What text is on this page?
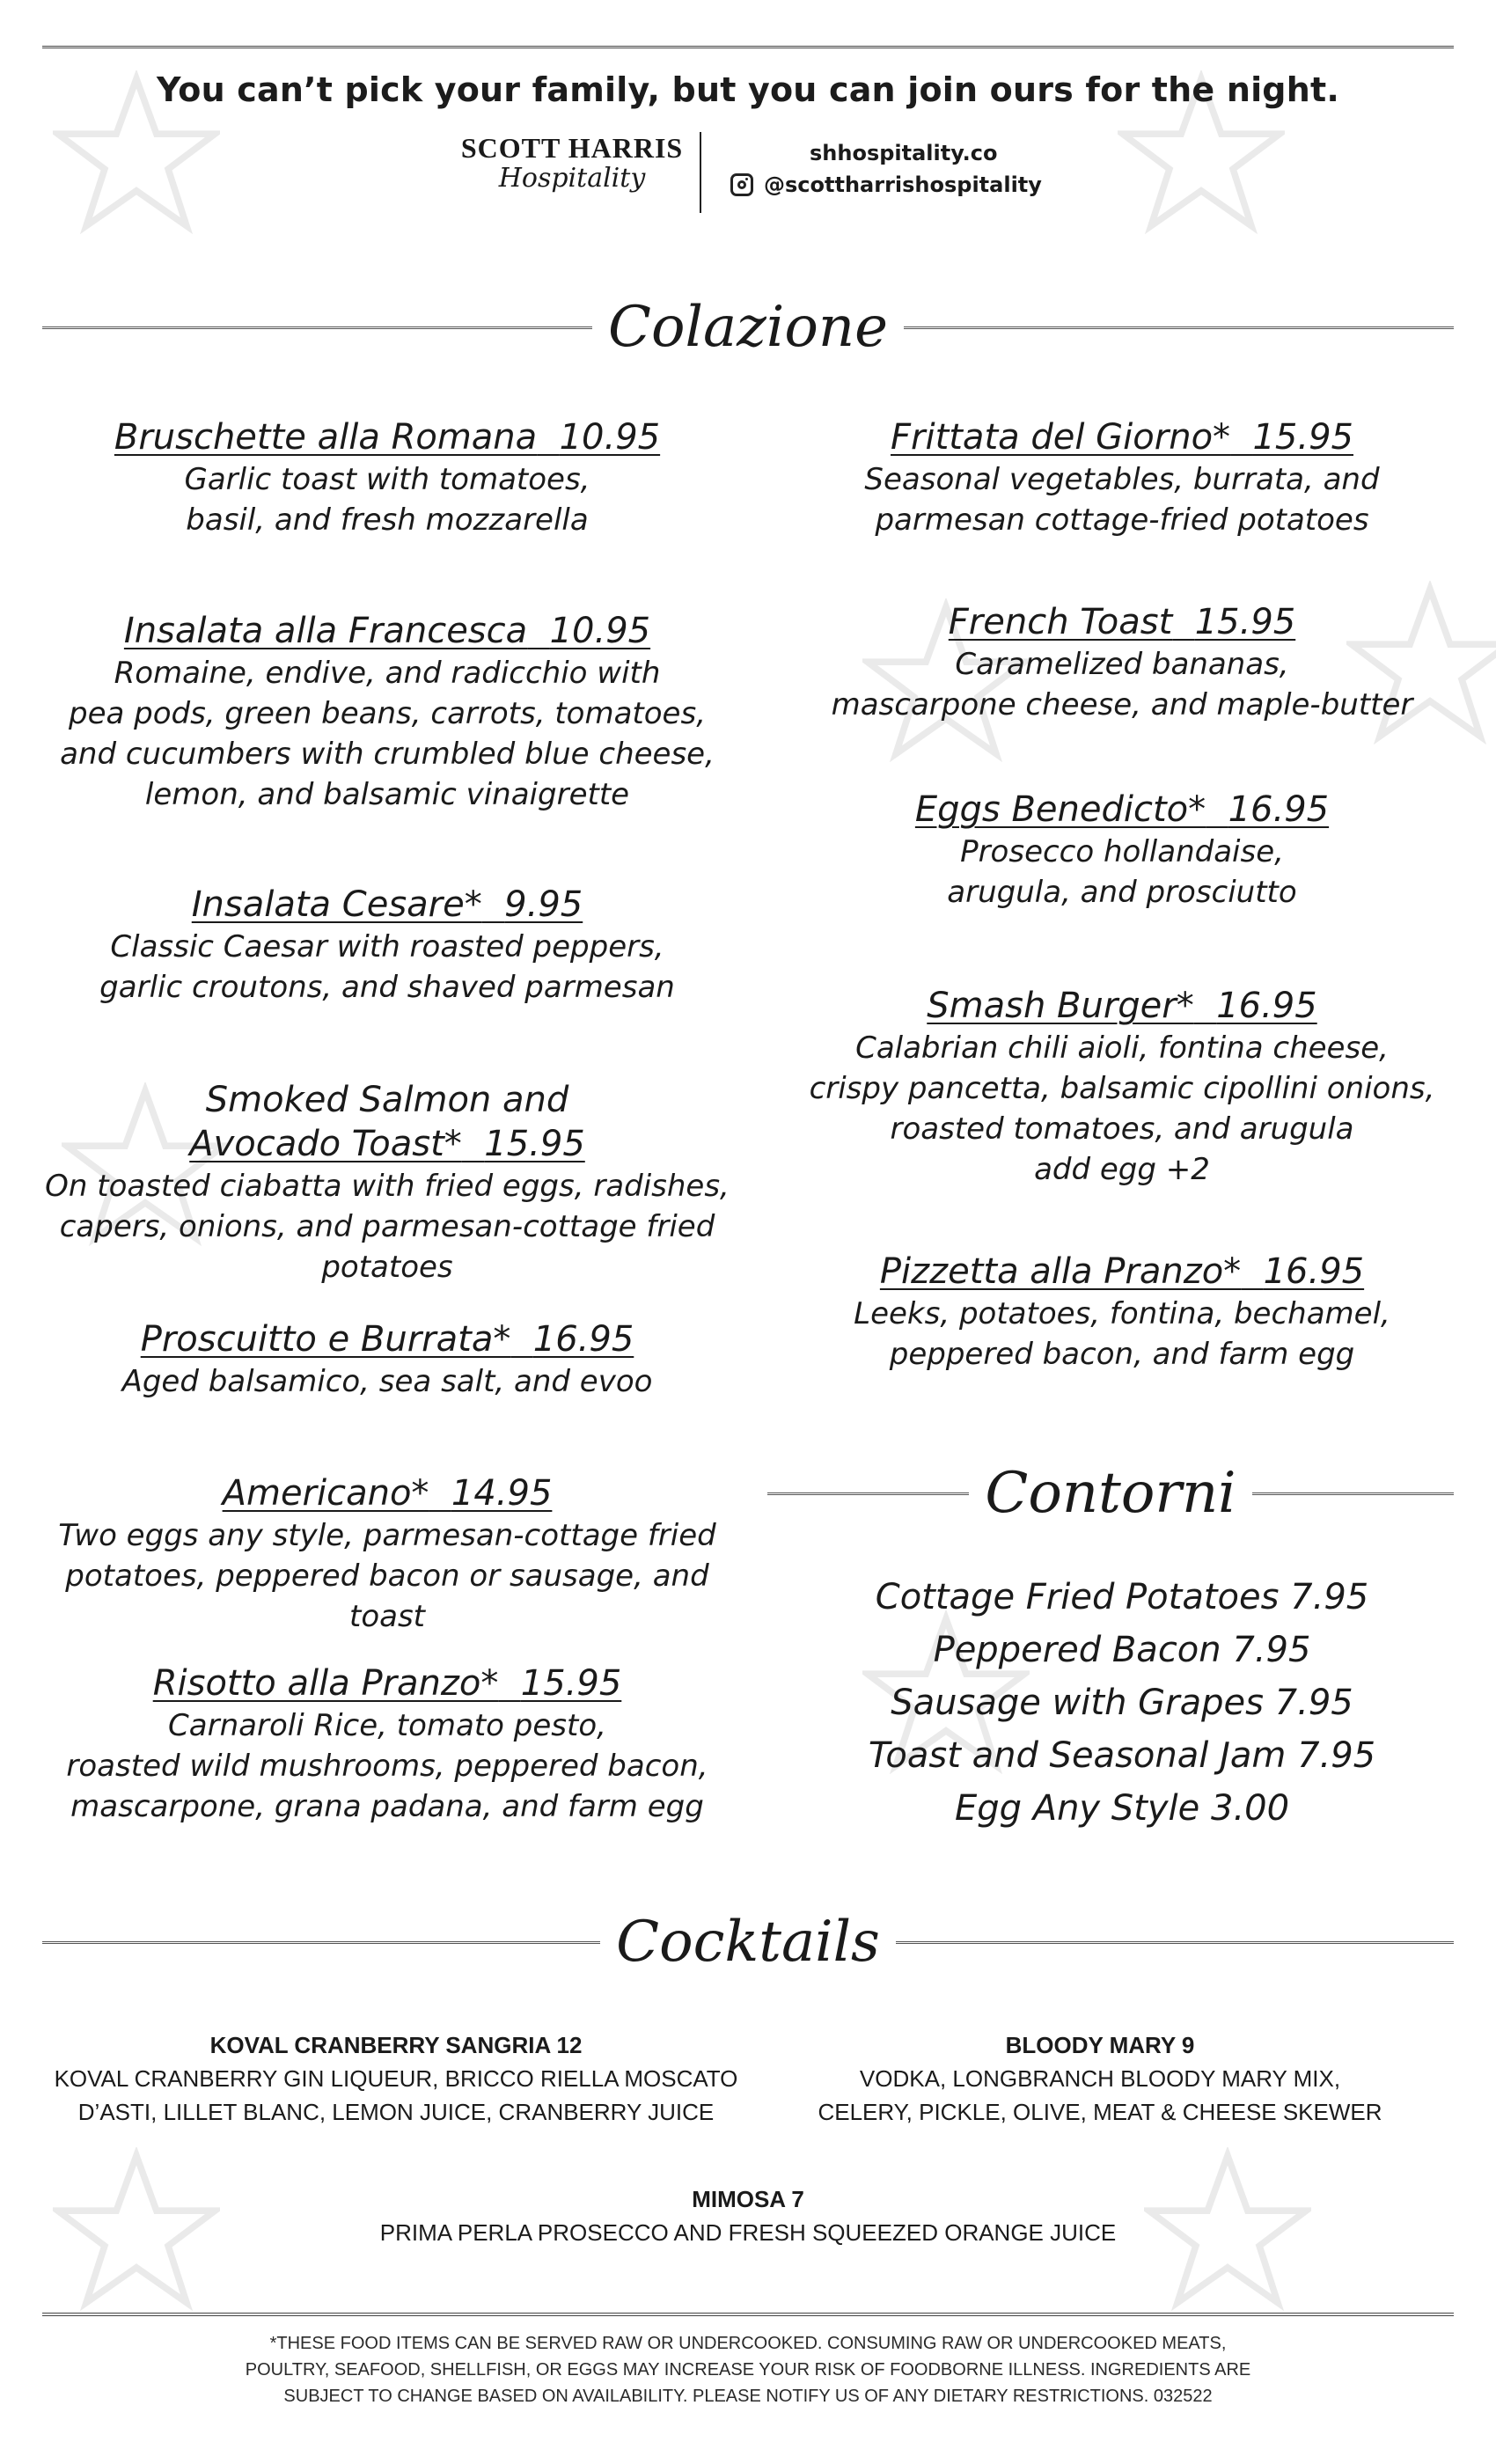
You can’t pick your family, but you can join ours for the night.
SCOTT HARRIS
Hospitality
shhospitality.co
@scottharrishospitality
Colazione
Bruschette alla Romana 10.95
Garlic toast with tomatoes,
basil, and fresh mozzarella
Insalata alla Francesca 10.95
Romaine, endive, and radicchio with
pea pods, green beans, carrots, tomatoes,
and cucumbers with crumbled blue cheese,
lemon, and balsamic vinaigrette
Insalata Cesare* 9.95
Classic Caesar with roasted peppers,
garlic croutons, and shaved parmesan
Smoked Salmon and
Avocado Toast* 15.95
On toasted ciabatta with fried eggs, radishes,
capers, onions, and parmesan-cottage fried potatoes
Proscuitto e Burrata* 16.95
Aged balsamico, sea salt, and evoo
Americano* 14.95
Two eggs any style, parmesan-cottage fried
potatoes, peppered bacon or sausage, and toast
Risotto alla Pranzo* 15.95
Carnaroli Rice, tomato pesto,
roasted wild mushrooms, peppered bacon,
mascarpone, grana padana, and farm egg
Frittata del Giorno* 15.95
Seasonal vegetables, burrata, and
parmesan cottage-fried potatoes
French Toast 15.95
Caramelized bananas,
mascarpone cheese, and maple-butter
Eggs Benedicto* 16.95
Prosecco hollandaise,
arugula, and prosciutto
Smash Burger* 16.95
Calabrian chili aioli, fontina cheese,
crispy pancetta, balsamic cipollini onions,
roasted tomatoes, and arugula
add egg +2
Pizzetta alla Pranzo* 16.95
Leeks, potatoes, fontina, bechamel,
peppered bacon, and farm egg
Contorni
Cottage Fried Potatoes 7.95
Peppered Bacon 7.95
Sausage with Grapes 7.95
Toast and Seasonal Jam 7.95
Egg Any Style 3.00
Cocktails
KOVAL CRANBERRY SANGRIA 12
KOVAL CRANBERRY GIN LIQUEUR, BRICCO RIELLA MOSCATO
D’ASTI, LILLET BLANC, LEMON JUICE, CRANBERRY JUICE
BLOODY MARY 9
VODKA, LONGBRANCH BLOODY MARY MIX,
CELERY, PICKLE, OLIVE, MEAT & CHEESE SKEWER
MIMOSA 7
PRIMA PERLA PROSECCO AND FRESH SQUEEZED ORANGE JUICE
*THESE FOOD ITEMS CAN BE SERVED RAW OR UNDERCOOKED. CONSUMING RAW OR UNDERCOOKED MEATS,
POULTRY, SEAFOOD, SHELLFISH, OR EGGS MAY INCREASE YOUR RISK OF FOODBORNE ILLNESS. INGREDIENTS ARE
SUBJECT TO CHANGE BASED ON AVAILABILITY. PLEASE NOTIFY US OF ANY DIETARY RESTRICTIONS. 032522
